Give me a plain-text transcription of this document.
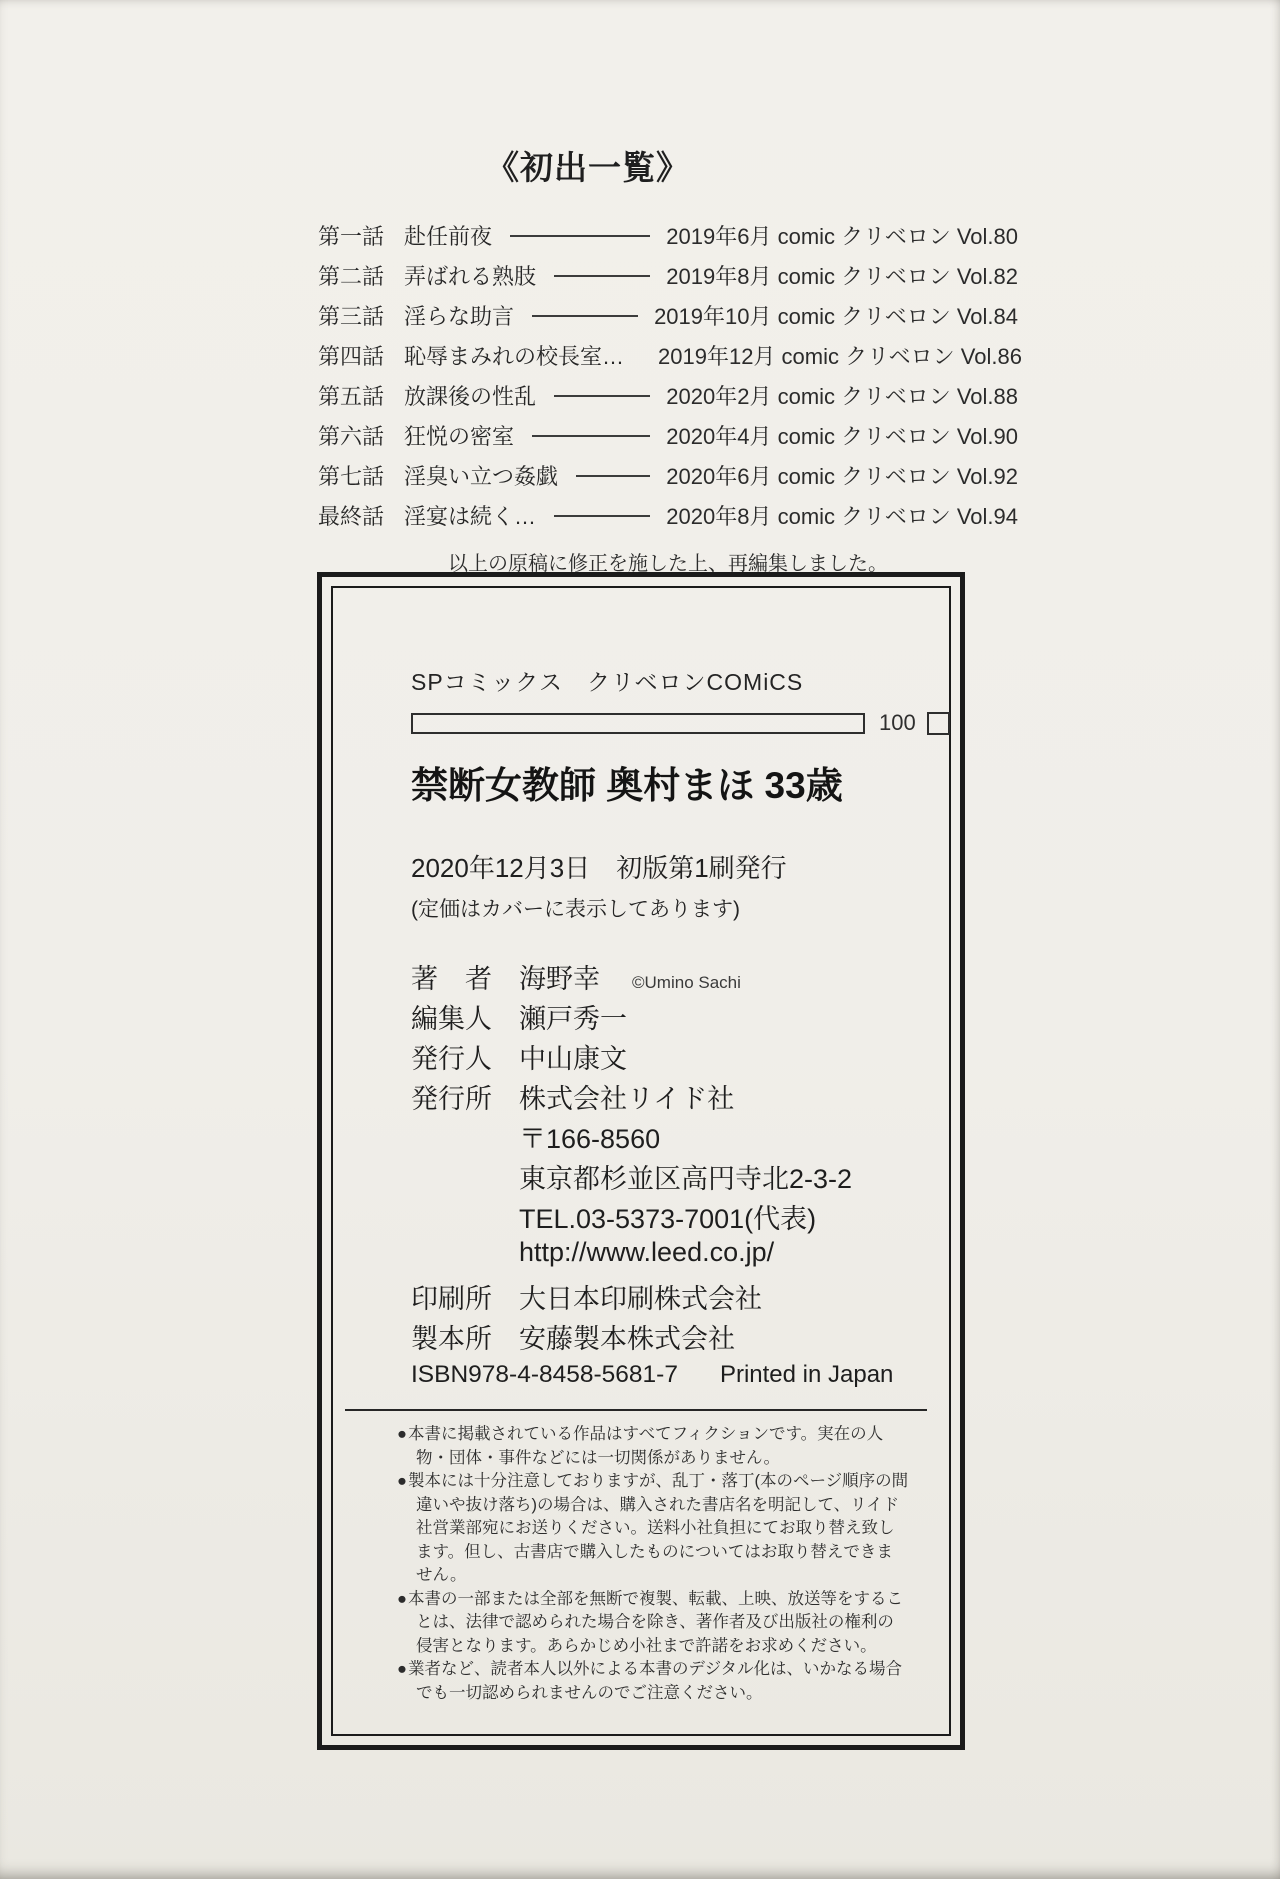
《初出一覧》
第一話 赴任前夜	2019年6月 comic クリベロン Vol.80
第二話 弄ばれる熟肢	2019年8月 comic クリベロン Vol.82
第三話 淫らな助言	2019年10月 comic クリベロン Vol.84
第四話 恥辱まみれの校長室… 2019年12月 comic クリベロン Vol.86
第五話 放課後の性乱	2020年2月 comic クリベロン Vol.88
第六話 狂悦の密室	2020年4月 comic クリベロン Vol.90
第七話 淫臭い立つ姦戯	2020年6月 comic クリベロン Vol.92
最終話 淫宴は続く…	2020年8月 comic クリベロン Vol.94
以上の原稿に修正を施した上、再編集しました。
SPコミックス　クリベロンCOMiCS
100
禁断女教師 奥村まほ 33歳
2020年12月3日　初版第1刷発行
(定価はカバーに表示してあります)
著　者 海野幸 ©Umino Sachi
編集人 瀬戸秀一
発行人 中山康文
発行所 株式会社リイド社
〒166-8560
東京都杉並区高円寺北2-3-2
TEL.03-5373-7001(代表)
http://www.leed.co.jp/
印刷所 大日本印刷株式会社
製本所 安藤製本株式会社
ISBN978-4-8458-5681-7 Printed in Japan
●本書に掲載されている作品はすべてフィクションです。実在の人物・団体・事件などには一切関係がありません。
●製本には十分注意しておりますが、乱丁・落丁(本のページ順序の間違いや抜け落ち)の場合は、購入された書店名を明記して、リイド社営業部宛にお送りください。送料小社負担にてお取り替え致します。但し、古書店で購入したものについてはお取り替えできません。
●本書の一部または全部を無断で複製、転載、上映、放送等をすることは、法律で認められた場合を除き、著作者及び出版社の権利の侵害となります。あらかじめ小社まで許諾をお求めください。
●業者など、読者本人以外による本書のデジタル化は、いかなる場合でも一切認められませんのでご注意ください。
